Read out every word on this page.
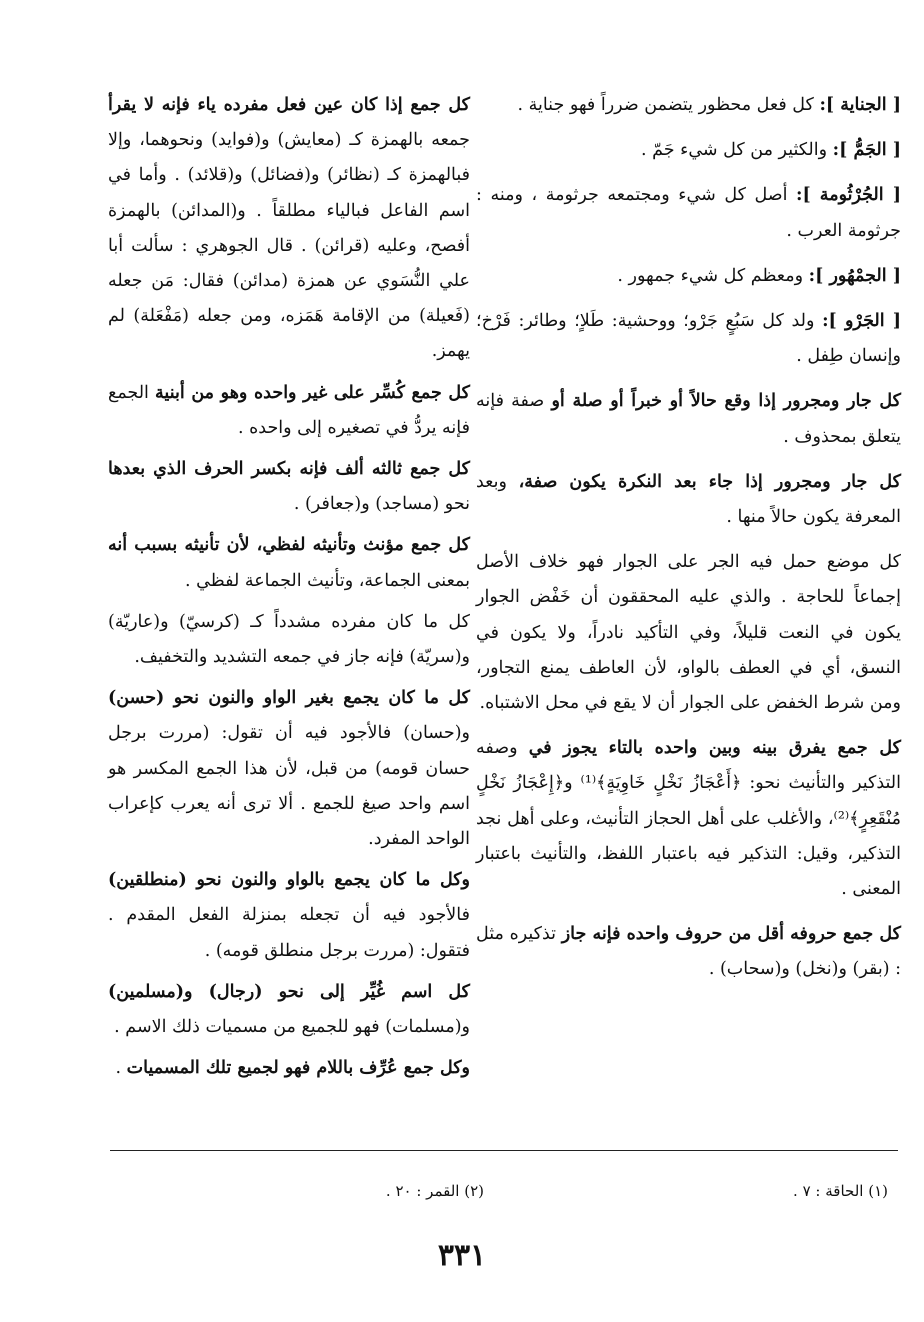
[ الجناية ]: كل فعل محظور يتضمن ضرراً فهو جناية .

[ الجَمُّ ]: والكثير من كل شيء جَمّ .

[ الجُرْثُومة ]: أصل كل شيء ومجتمعه جرثومة ، ومنه : جرثومة العرب .

[ الجمْهُور ]: ومعظم كل شيء جمهور .

[ الجَرْو ]: ولد كل سَبُعٍ جَرْو؛ ووحشية: طَلاٍ؛ وطائر: فَرْخ؛ وإنسان طِفل .

كل جار ومجرور إذا وقع حالاً أو خبراً أو صلة أو صفة فإنه يتعلق بمحذوف .

كل جار ومجرور إذا جاء بعد النكرة يكون صفة، وبعد المعرفة يكون حالاً منها .

كل موضع حمل فيه الجر على الجوار فهو خلاف الأصل إجماعاً للحاجة . والذي عليه المحققون أن خَفْض الجوار يكون في النعت قليلاً، وفي التأكيد نادراً، ولا يكون في النسق، أي في العطف بالواو، لأن العاطف يمنع التجاور، ومن شرط الخفض على الجوار أن لا يقع في محل الاشتباه.

كل جمع يفرق بينه وبين واحده بالتاء يجوز في وصفه التذكير والتأنيث نحو: ﴿أَعْجَازُ نَخْلٍ خَاوِيَةٍ﴾⁽¹⁾ و﴿إِعْجَازُ نَخْلٍ مُنْقَعِرٍ﴾⁽²⁾، والأغلب على أهل الحجاز التأنيث، وعلى أهل نجد التذكير، وقيل: التذكير فيه باعتبار اللفظ، والتأنيث باعتبار المعنى .

كل جمع حروفه أقل من حروف واحده فإنه جاز تذكيره مثل : (بقر) و(نخل) و(سحاب) .

كل جمع إذا كان عين فعل مفرده ياء فإنه لا يقرأ جمعه بالهمزة كـ (معايش) و(فوايد) ونحوهما، وإلا فبالهمزة كـ (نظائر) و(فضائل) و(قلائد) . وأما في اسم الفاعل فبالياء مطلقاً . و(المدائن) بالهمزة أفصح، وعليه (قرائن) . قال الجوهري : سألت أبا علي النُّسَوي عن همزة (مدائن) فقال: مَن جعله (فَعيلة) من الإقامة هَمَزه، ومن جعله (مَفْعَلة) لم يهمز.

كل جمع كُسِّر على غير واحده وهو من أبنية الجمع فإنه يردُّ في تصغيره إلى واحده .

كل جمع ثالثه ألف فإنه بكسر الحرف الذي بعدها نحو (مساجد) و(جعافر) .

كل جمع مؤنث وتأنيثه لفظي، لأن تأنيثه بسبب أنه بمعنى الجماعة، وتأنيث الجماعة لفظي .

كل ما كان مفرده مشدداً كـ (كرسيّ) و(عاريّة) و(سريّة) فإنه جاز في جمعه التشديد والتخفيف.

كل ما كان يجمع بغير الواو والنون نحو (حسن) و(حسان) فالأجود فيه أن تقول: (مررت برجل حسان قومه) من قبل، لأن هذا الجمع المكسر هو اسم واحد صيغ للجمع . ألا ترى أنه يعرب كإعراب الواحد المفرد.

وكل ما كان يجمع بالواو والنون نحو (منطلقين) فالأجود فيه أن تجعله بمنزلة الفعل المقدم . فتقول: (مررت برجل منطلق قومه) .

كل اسم غُيِّر إلى نحو (رجال) و(مسلمين) و(مسلمات) فهو للجميع من مسميات ذلك الاسم .

وكل جمع عُرِّف باللام فهو لجميع تلك المسميات .

(١) الحاقة : ٧ .
(٢) القمر : ٢٠ .
٣٣١
